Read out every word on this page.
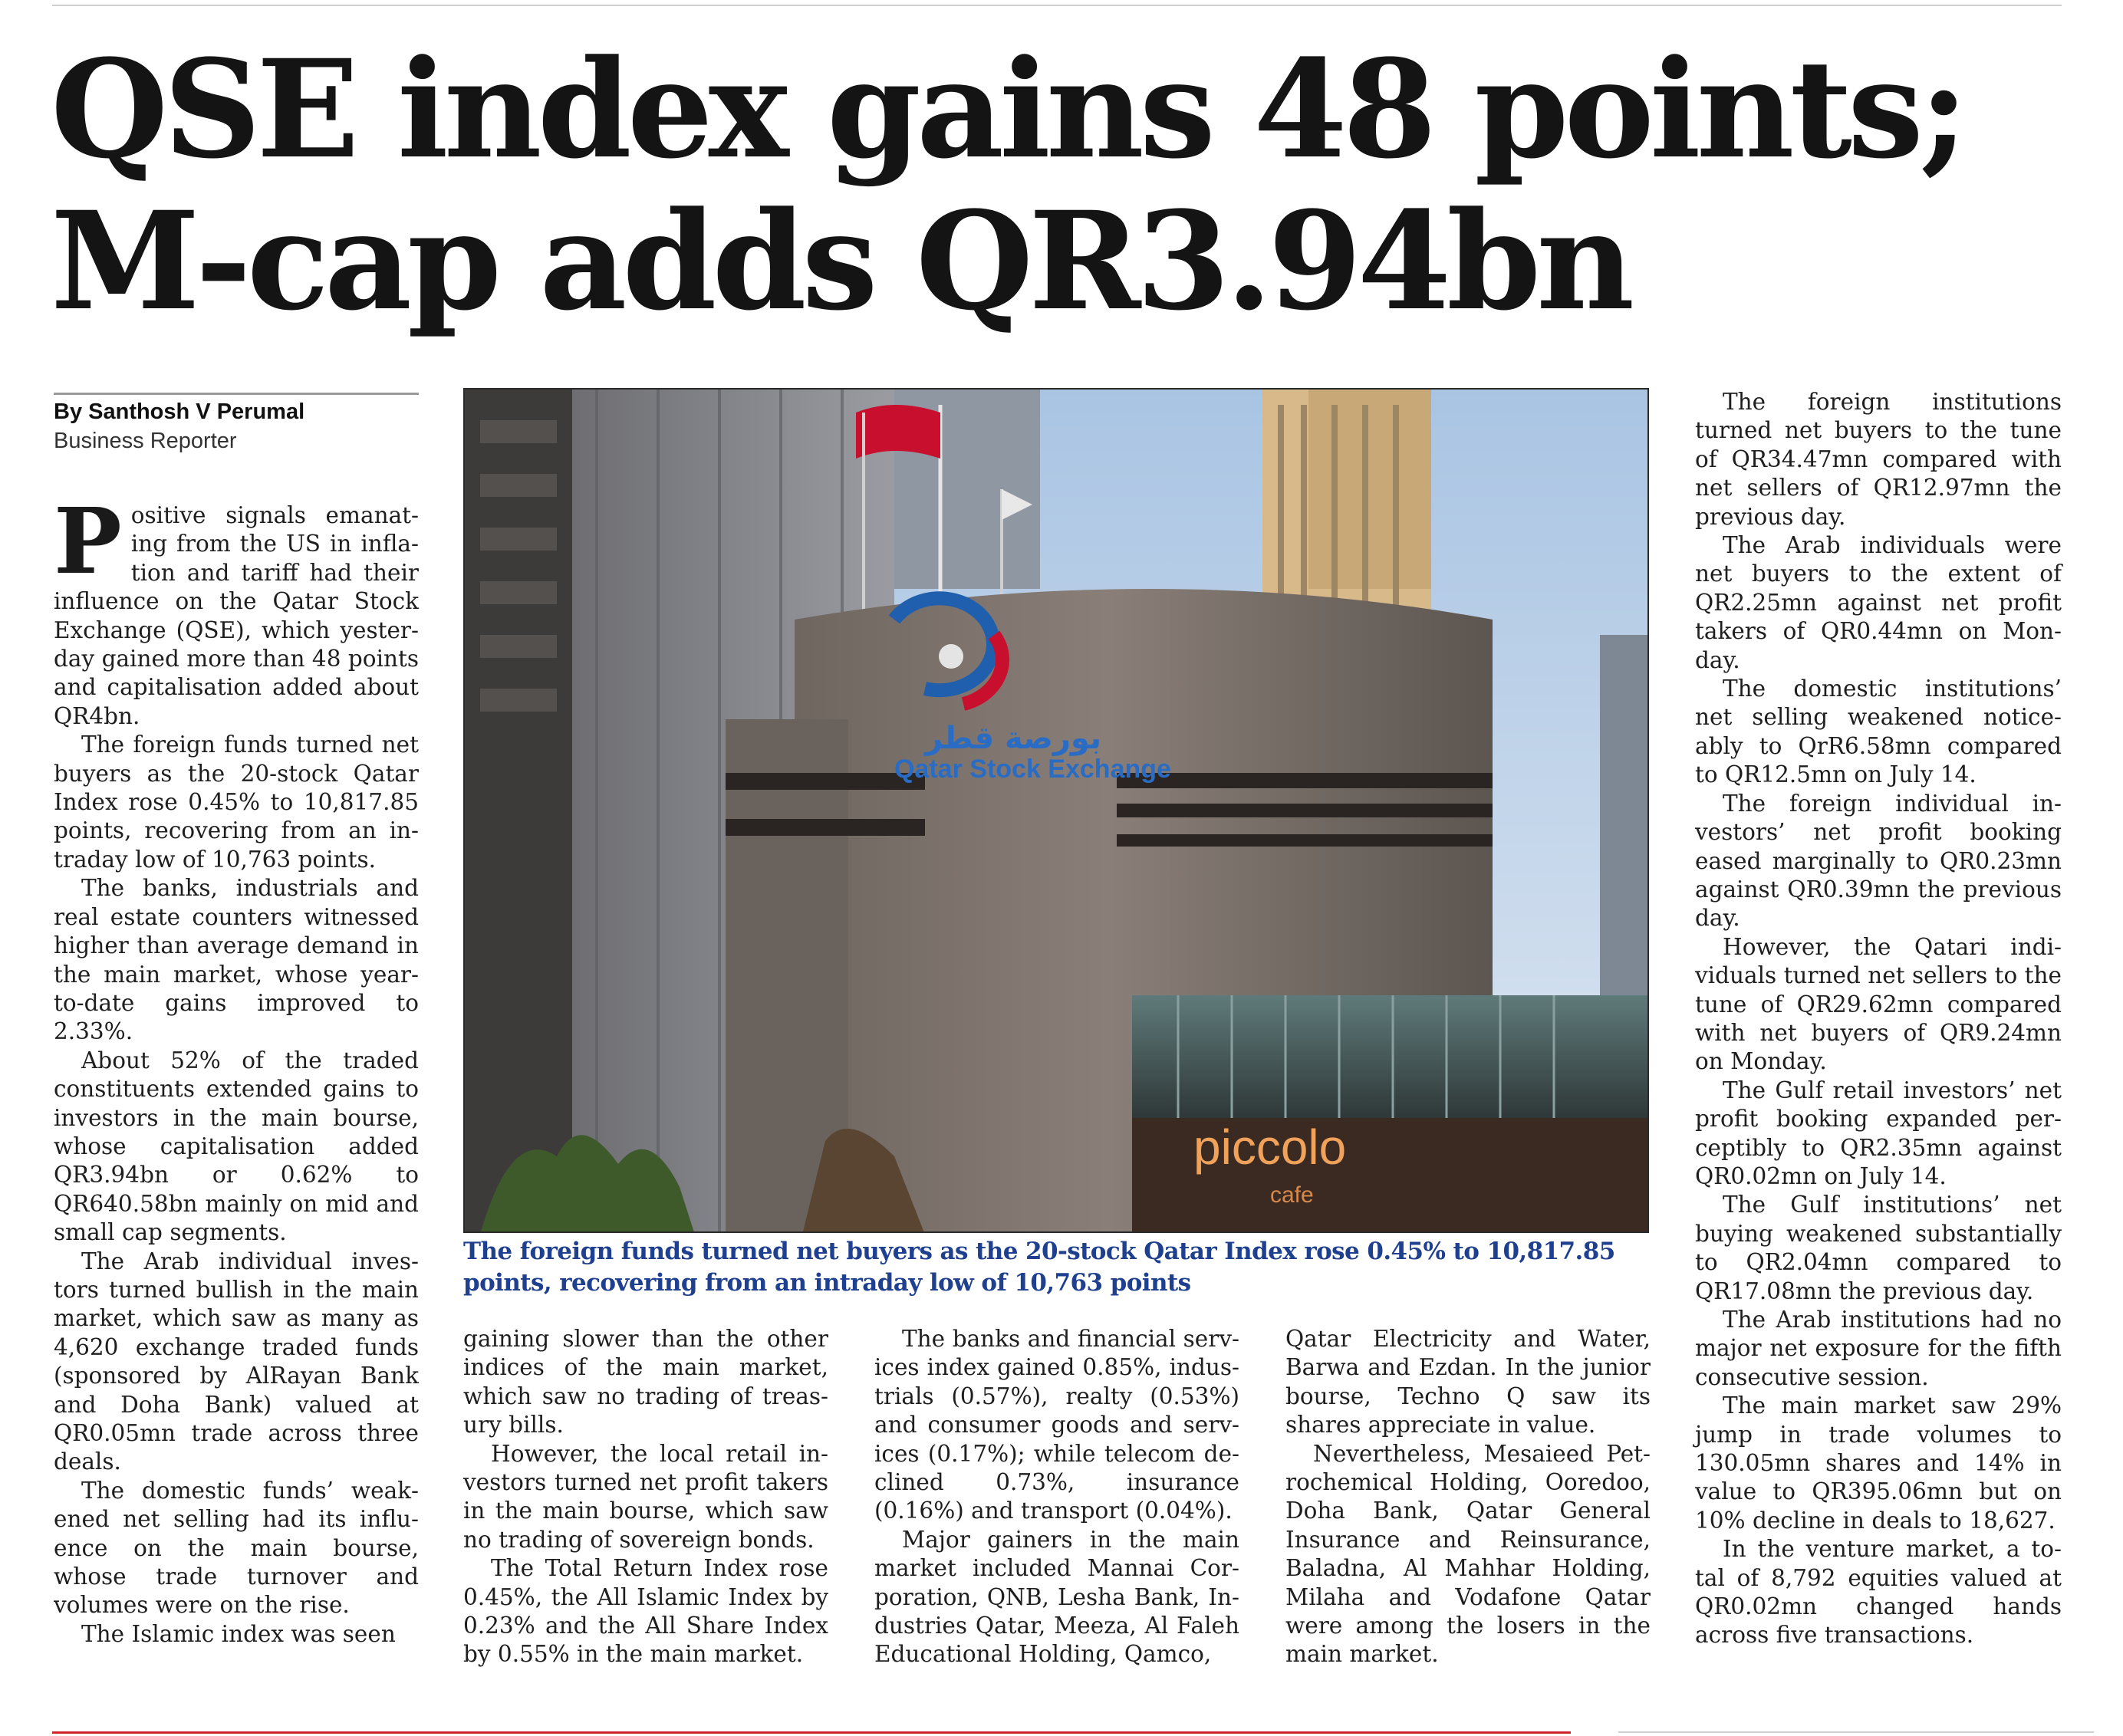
QSE index gains 48 points;
M-cap adds QR3.94bn
By Santhosh V Perumal
Business Reporter

Positive signals emanating from the US in inflation and tariff had their influence on the Qatar Stock Exchange (QSE), which yesterday gained more than 48 points and capitalisation added about QR4bn.

The foreign funds turned net buyers as the 20-stock Qatar Index rose 0.45% to 10,817.85 points, recovering from an intraday low of 10,763 points.

The banks, industrials and real estate counters witnessed higher than average demand in the main market, whose year-to-date gains improved to 2.33%.

About 52% of the traded constituents extended gains to investors in the main bourse, whose capitalisation added QR3.94bn or 0.62% to QR640.58bn mainly on mid and small cap segments.

The Arab individual investors turned bullish in the main market, which saw as many as 4,620 exchange traded funds (sponsored by AlRayan Bank and Doha Bank) valued at QR0.05mn trade across three deals.

The domestic funds’ weakened net selling had its influence on the main bourse, whose trade turnover and volumes were on the rise.

The Islamic index was seen

بورصة قطر
Qatar Stock Exchange
piccolo
cafe
The foreign funds turned net buyers as the 20-stock Qatar Index rose 0.45% to 10,817.85 points, recovering from an intraday low of 10,763 points

gaining slower than the other indices of the main market, which saw no trading of treasury bills.

However, the local retail investors turned net profit takers in the main bourse, which saw no trading of sovereign bonds.

The Total Return Index rose 0.45%, the All Islamic Index by 0.23% and the All Share Index by 0.55% in the main market.

The banks and financial services index gained 0.85%, industrials (0.57%), realty (0.53%) and consumer goods and services (0.17%); while telecom declined 0.73%, insurance (0.16%) and transport (0.04%).

Major gainers in the main market included Mannai Corporation, QNB, Lesha Bank, Industries Qatar, Meeza, Al Faleh Educational Holding, Qamco,

Qatar Electricity and Water, Barwa and Ezdan. In the junior bourse, Techno Q saw its shares appreciate in value.

Nevertheless, Mesaieed Petrochemical Holding, Ooredoo, Doha Bank, Qatar General Insurance and Reinsurance, Baladna, Al Mahhar Holding, Milaha and Vodafone Qatar were among the losers in the main market.

The foreign institutions turned net buyers to the tune of QR34.47mn compared with net sellers of QR12.97mn the previous day.

The Arab individuals were net buyers to the extent of QR2.25mn against net profit takers of QR0.44mn on Monday.

The domestic institutions’ net selling weakened noticeably to QrR6.58mn compared to QR12.5mn on July 14.

The foreign individual investors’ net profit booking eased marginally to QR0.23mn against QR0.39mn the previous day.

However, the Qatari individuals turned net sellers to the tune of QR29.62mn compared with net buyers of QR9.24mn on Monday.

The Gulf retail investors’ net profit booking expanded perceptibly to QR2.35mn against QR0.02mn on July 14.

The Gulf institutions’ net buying weakened substantially to QR2.04mn compared to QR17.08mn the previous day.

The Arab institutions had no major net exposure for the fifth consecutive session.

The main market saw 29% jump in trade volumes to 130.05mn shares and 14% in value to QR395.06mn but on 10% decline in deals to 18,627.

In the venture market, a total of 8,792 equities valued at QR0.02mn changed hands across five transactions.
